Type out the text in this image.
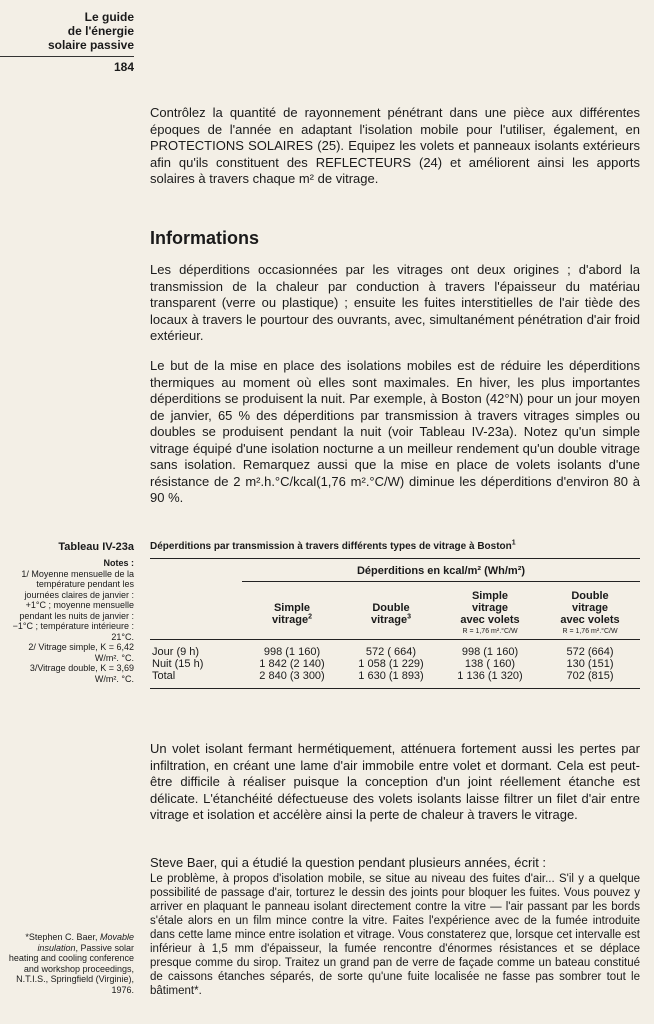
Le guide
de l'énergie
solaire passive
184
Tableau IV-23a
Notes :
1/ Moyenne mensuelle de la température pendant les journées claires de janvier : +1°C ; moyenne mensuelle pendant les nuits de janvier : −1°C ; température intérieure : 21°C.
2/ Vitrage simple, K = 6,42 W/m². °C.
3/Vitrage double, K = 3,69 W/m². °C.
*Stephen C. Baer, Movable insulation, Passive solar heating and cooling conference and workshop proceedings, N.T.I.S., Springfield (Virginie), 1976.

Contrôlez la quantité de rayonnement pénétrant dans une pièce aux différentes époques de l'année en adaptant l'isolation mobile pour l'utiliser, également, en PROTECTIONS SOLAIRES (25). Equipez les volets et panneaux isolants extérieurs afin qu'ils constituent des REFLECTEURS (24) et améliorent ainsi les apports solaires à travers chaque m² de vitrage.

Informations

Les déperditions occasionnées par les vitrages ont deux origines ; d'abord la transmission de la chaleur par conduction à travers l'épaisseur du matériau transparent (verre ou plastique) ; ensuite les fuites interstitielles de l'air tiède des locaux à travers le pourtour des ouvrants, avec, simultanément pénétration d'air froid extérieur.

Le but de la mise en place des isolations mobiles est de réduire les déperditions thermiques au moment où elles sont maximales. En hiver, les plus importantes déperditions se produisent la nuit. Par exemple, à Boston (42°N) pour un jour moyen de janvier, 65 % des déperditions par transmission à travers vitrages simples ou doubles se produisent pendant la nuit (voir Tableau IV-23a). Notez qu'un simple vitrage équipé d'une isolation nocturne a un meilleur rendement qu'un double vitrage sans isolation. Remarquez aussi que la mise en place de volets isolants d'une résistance de 2 m².h.°C/kcal(1,76 m².°C/W) diminue les déperditions d'environ 80 à 90 %.

Déperditions par transmission à travers différents types de vitrage à Boston$^1$

	Déperditions en kcal/m² (Wh/m²)			

	Simple
vitrage$^2$	Double
vitrage$^3$	Simple
vitrage
avec volets	Double
vitrage
avec volets
			R = 1,76 m².°C/W	R = 1,76 m².°C/W

Jour (9 h)	998 (1 160)	572 ( 664)	998 (1 160)	572 (664)
Nuit (15 h)	1 842 (2 140)	1 058 (1 229)	138 ( 160)	130 (151)
Total	2 840 (3 300)	1 630 (1 893)	1 136 (1 320)	702 (815)

Un volet isolant fermant hermétiquement, atténuera fortement aussi les pertes par infiltration, en créant une lame d'air immobile entre volet et dormant. Cela est peut-être difficile à réaliser puisque la conception d'un joint réellement étanche est délicate. L'étanchéité défectueuse des volets isolants laisse filtrer un filet d'air entre vitrage et isolation et accélère ainsi la perte de chaleur à travers le vitrage.

Steve Baer, qui a étudié la question pendant plusieurs années, écrit :

Le problème, à propos d'isolation mobile, se situe au niveau des fuites d'air... S'il y a quelque possibilité de passage d'air, torturez le dessin des joints pour bloquer les fuites. Vous pouvez y arriver en plaquant le panneau isolant directement contre la vitre — l'air passant par les bords s'étale alors en un film mince contre la vitre. Faites l'expérience avec de la fumée introduite dans cette lame mince entre isolation et vitrage. Vous constaterez que, lorsque cet intervalle est inférieur à 1,5 mm d'épaisseur, la fumée rencontre d'énormes résistances et se déplace presque comme du sirop. Traitez un grand pan de verre de façade comme un bateau constitué de caissons étanches séparés, de sorte qu'une fuite localisée ne fasse pas sombrer tout le bâtiment*.
